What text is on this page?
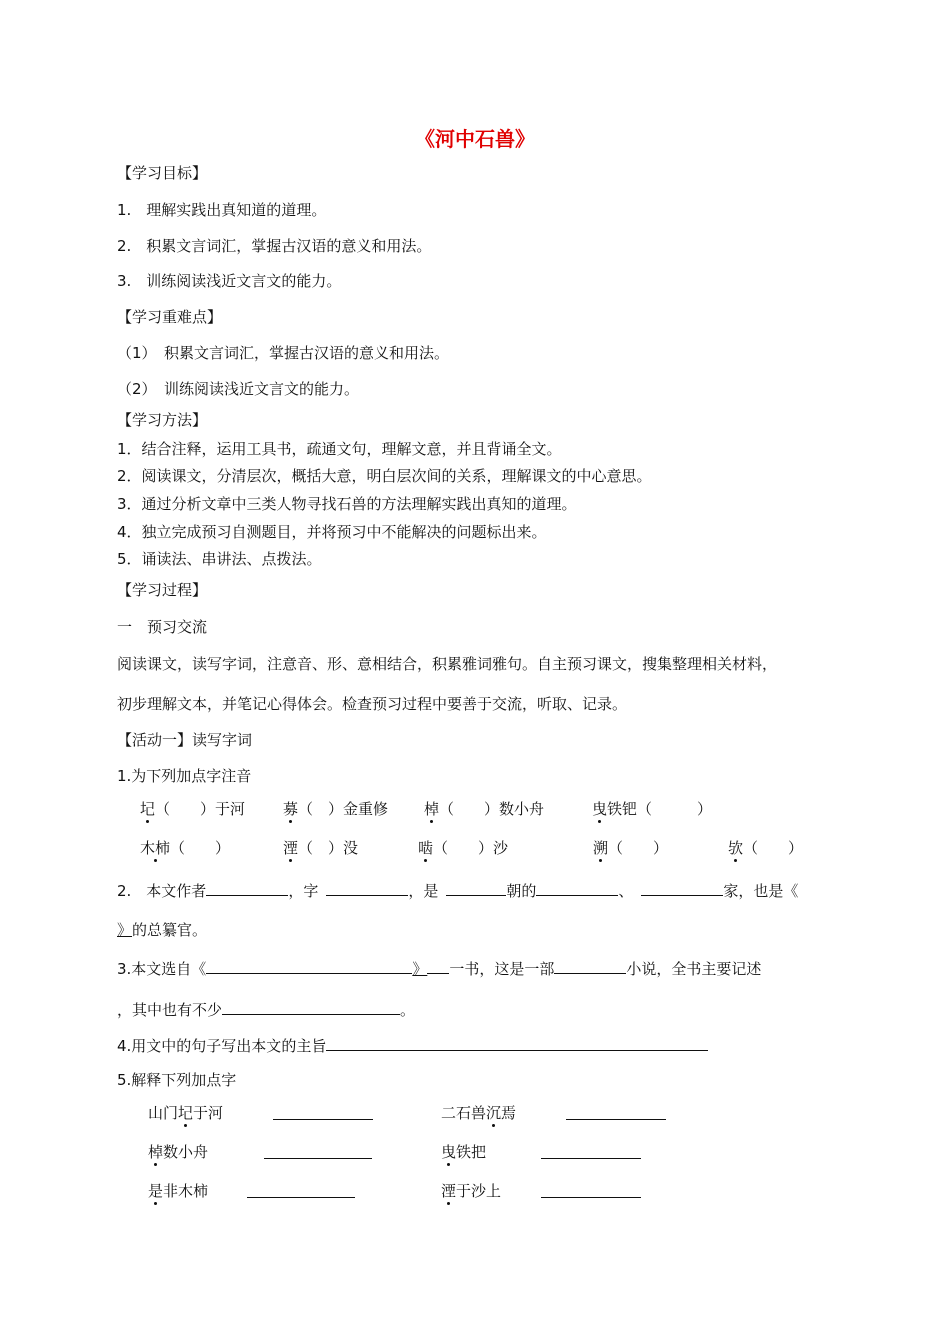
《河中石兽》
【学习目标】
1.　理解实践出真知道的道理。
2.　积累文言词汇，掌握古汉语的意义和用法。
3.　训练阅读浅近文言文的能力。
【学习重难点】
（1）　积累文言词汇，掌握古汉语的意义和用法。
（2）　训练阅读浅近文言文的能力。
【学习方法】
1．结合注释，运用工具书，疏通文句，理解文意，并且背诵全文。
2．阅读课文，分清层次，概括大意，明白层次间的关系，理解课文的中心意思。
3．通过分析文章中三类人物寻找石兽的方法理解实践出真知的道理。
4．独立完成预习自测题目，并将预习中不能解决的问题标出来。
5．诵读法、串讲法、点拨法。
【学习过程】
一　预习交流
阅读课文，读写字词，注意音、形、意相结合，积累雅词雅句。自主预习课文，搜集整理相关材料，
初步理解文本，并笔记心得体会。检查预习过程中要善于交流，听取、记录。
【活动一】读写字词
1.为下列加点字注音
圮（　　）于河	募（　）金重修 棹（　　）数小舟	曳铁钯（　　　）
木柿（　　）	湮（　）没	啮（　　）沙	溯（　　）	欤（　　）
2.　本文作者	，字	，是	朝的	、	家，也是《
》的总纂官。
3.本文选自《	》 一书，这是一部	小说，全书主要记述
，其中也有不少	。
4.用文中的句子写出本文的主旨
5.解释下列加点字
山门圮于河	二石兽沉焉
棹数小舟	曳铁把
是非木柿	湮于沙上
